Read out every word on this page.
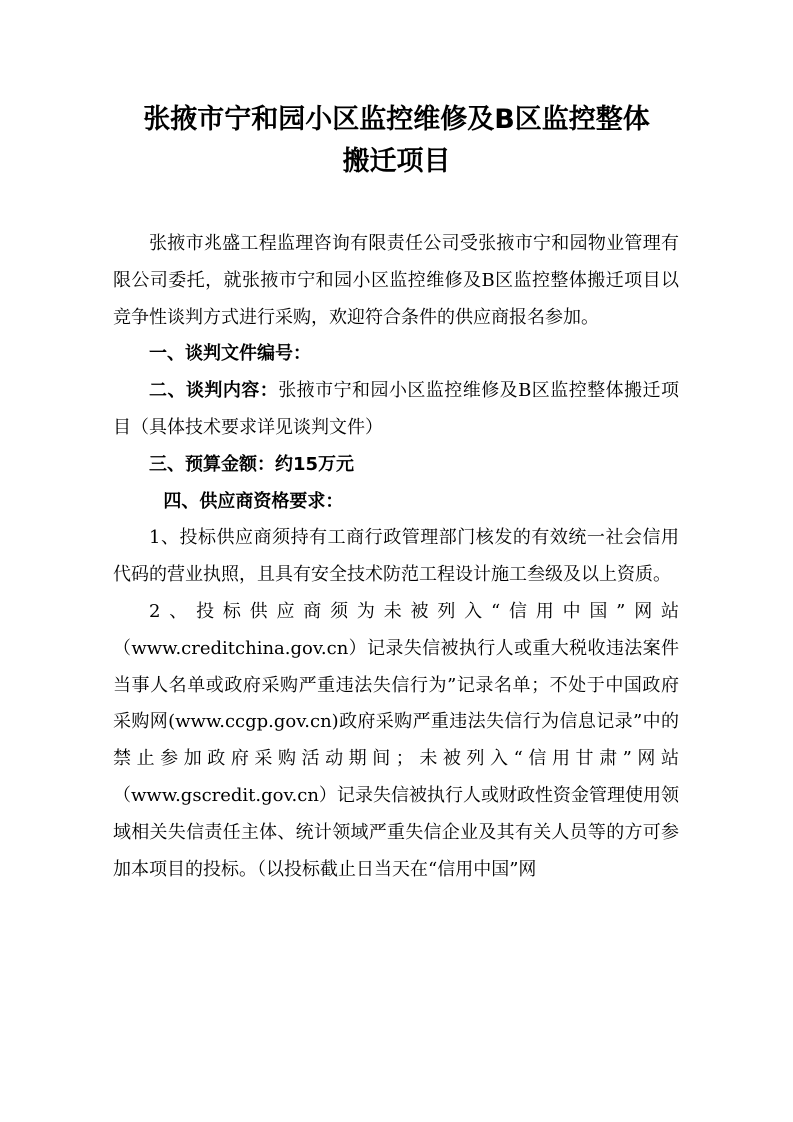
张掖市宁和园小区监控维修及B区监控整体
搬迁项目

张掖市兆盛工程监理咨询有限责任公司受张掖市宁和园物业管理有限公司委托，就张掖市宁和园小区监控维修及B区监控整体搬迁项目以竞争性谈判方式进行采购，欢迎符合条件的供应商报名参加。

一、谈判文件编号：

二、谈判内容：张掖市宁和园小区监控维修及B区监控整体搬迁项目（具体技术要求详见谈判文件）

三、预算金额：约15万元

四、供应商资格要求：

1、投标供应商须持有工商行政管理部门核发的有效统一社会信用代码的营业执照，且具有安全技术防范工程设计施工叁级及以上资质。

2、投标供应商须为未被列入“信用中国”网站（www.creditchina.gov.cn）记录失信被执行人或重大税收违法案件当事人名单或政府采购严重违法失信行为”记录名单；不处于中国政府采购网(www.ccgp.gov.cn)政府采购严重违法失信行为信息记录”中的禁止参加政府采购活动期间；未被列入“信用甘肃”网站（www.gscredit.gov.cn）记录失信被执行人或财政性资金管理使用领域相关失信责任主体、统计领域严重失信企业及其有关人员等的方可参加本项目的投标。（以投标截止日当天在“信用中国”网
